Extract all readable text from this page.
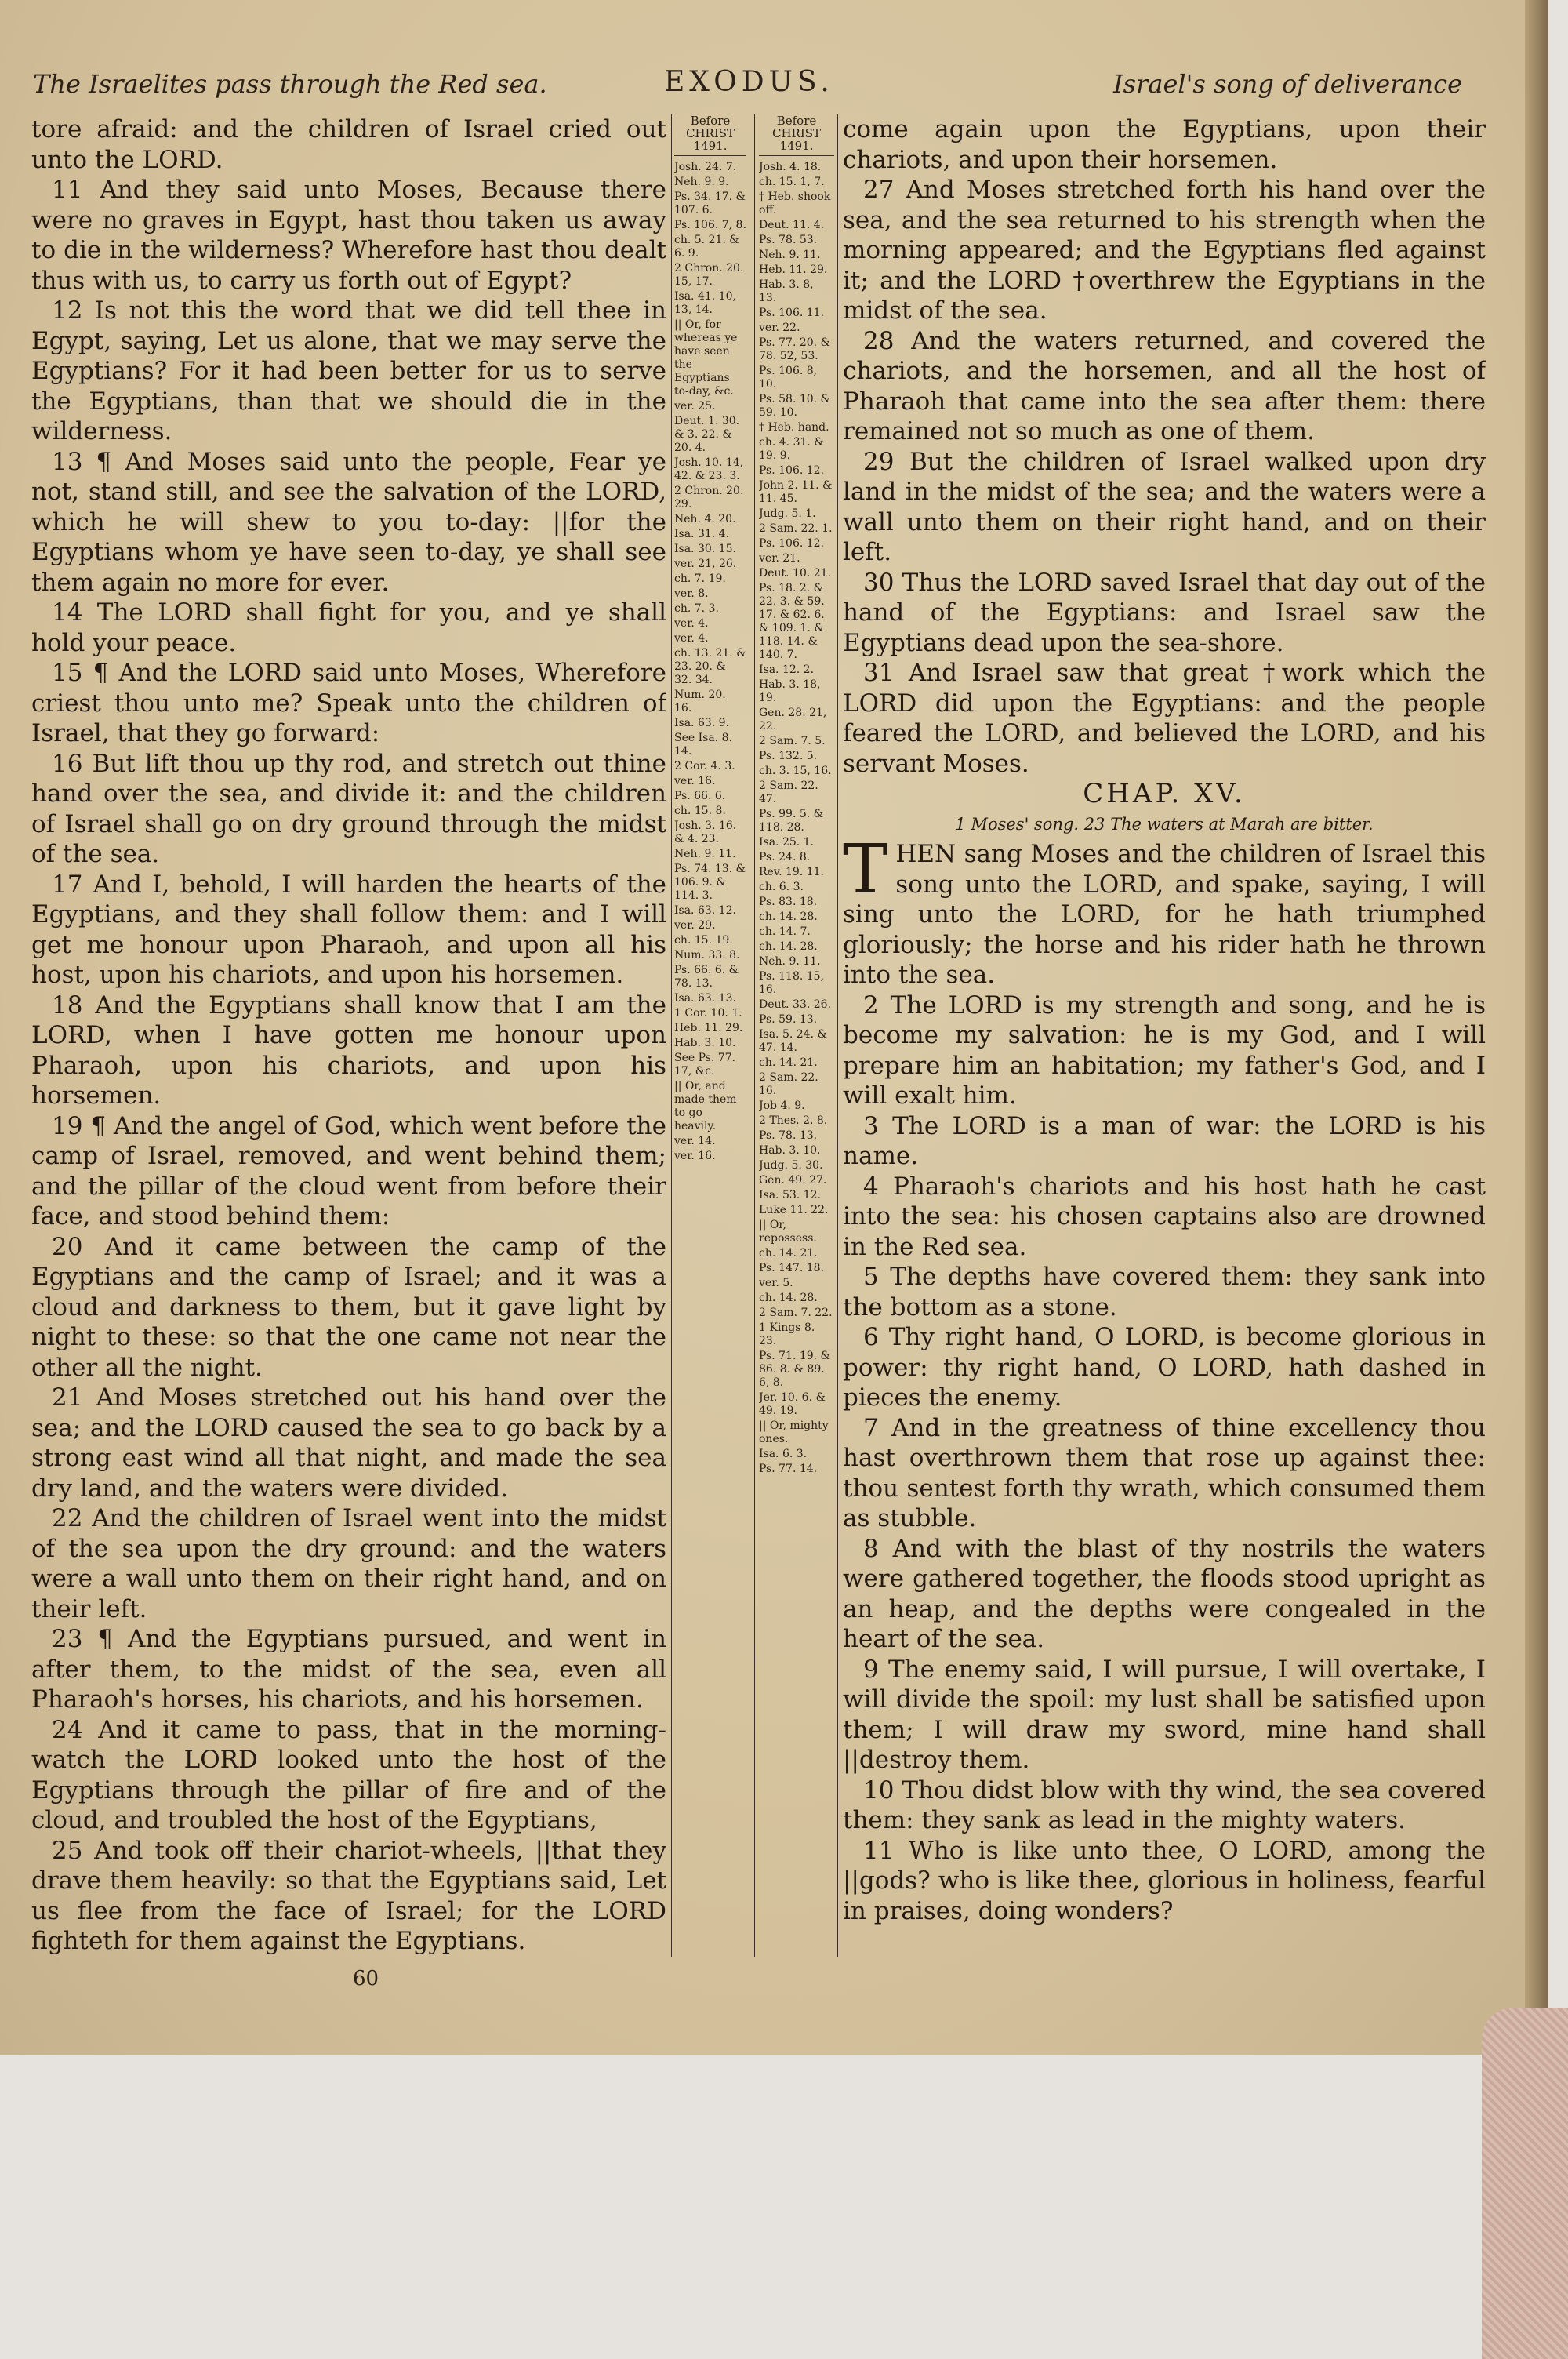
The Israelites pass through the Red sea.	EXODUS.	Israel's song of deliverance

tore afraid: and the children of Israel cried out unto the LORD.

11 And they said unto Moses, Because there were no graves in Egypt, hast thou taken us away to die in the wilderness? Wherefore hast thou dealt thus with us, to carry us forth out of Egypt?

12 Is not this the word that we did tell thee in Egypt, saying, Let us alone, that we may serve the Egyptians? For it had been better for us to serve the Egyptians, than that we should die in the wilderness.

13 ¶ And Moses said unto the people, Fear ye not, stand still, and see the salvation of the LORD, which he will shew to you to-day: ||for the Egyptians whom ye have seen to-day, ye shall see them again no more for ever.

14 The LORD shall fight for you, and ye shall hold your peace.

15 ¶ And the LORD said unto Moses, Wherefore criest thou unto me? Speak unto the children of Israel, that they go forward:

16 But lift thou up thy rod, and stretch out thine hand over the sea, and divide it: and the children of Israel shall go on dry ground through the midst of the sea.

17 And I, behold, I will harden the hearts of the Egyptians, and they shall follow them: and I will get me honour upon Pharaoh, and upon all his host, upon his chariots, and upon his horsemen.

18 And the Egyptians shall know that I am the LORD, when I have gotten me honour upon Pharaoh, upon his chariots, and upon his horsemen.

19 ¶ And the angel of God, which went before the camp of Israel, removed, and went behind them; and the pillar of the cloud went from before their face, and stood behind them:

20 And it came between the camp of the Egyptians and the camp of Israel; and it was a cloud and darkness to them, but it gave light by night to these: so that the one came not near the other all the night.

21 And Moses stretched out his hand over the sea; and the LORD caused the sea to go back by a strong east wind all that night, and made the sea dry land, and the waters were divided.

22 And the children of Israel went into the midst of the sea upon the dry ground: and the waters were a wall unto them on their right hand, and on their left.

23 ¶ And the Egyptians pursued, and went in after them, to the midst of the sea, even all Pharaoh's horses, his chariots, and his horsemen.

24 And it came to pass, that in the morning-watch the LORD looked unto the host of the Egyptians through the pillar of fire and of the cloud, and troubled the host of the Egyptians,

25 And took off their chariot-wheels, ||that they drave them heavily: so that the Egyptians said, Let us flee from the face of Israel; for the LORD fighteth for them against the Egyptians.

Before CHRIST 1491.
Josh. 24. 7.
Neh. 9. 9.
Ps. 34. 17. & 107. 6.
Ps. 106. 7, 8.
ch. 5. 21. & 6. 9.
2 Chron. 20. 15, 17.
Isa. 41. 10, 13, 14.
|| Or, for whereas ye have seen the Egyptians to-day, &c.
ver. 25.
Deut. 1. 30. & 3. 22. & 20. 4.
Josh. 10. 14, 42. & 23. 3.
2 Chron. 20. 29.
Neh. 4. 20.
Isa. 31. 4.
Isa. 30. 15.
ver. 21, 26.
ch. 7. 19.
ver. 8.
ch. 7. 3.
ver. 4.
ver. 4.
ch. 13. 21. & 23. 20. & 32. 34.
Num. 20. 16.
Isa. 63. 9.
See Isa. 8. 14.
2 Cor. 4. 3.
ver. 16.
Ps. 66. 6.
ch. 15. 8.
Josh. 3. 16. & 4. 23.
Neh. 9. 11.
Ps. 74. 13. & 106. 9. & 114. 3.
Isa. 63. 12.
ver. 29.
ch. 15. 19.
Num. 33. 8.
Ps. 66. 6. & 78. 13.
Isa. 63. 13.
1 Cor. 10. 1.
Heb. 11. 29.
Hab. 3. 10.
See Ps. 77. 17, &c.
|| Or, and made them to go heavily.
ver. 14.
ver. 16.
Before CHRIST 1491.
Josh. 4. 18.
ch. 15. 1, 7.
† Heb. shook off.
Deut. 11. 4.
Ps. 78. 53.
Neh. 9. 11.
Heb. 11. 29.
Hab. 3. 8, 13.
Ps. 106. 11.
ver. 22.
Ps. 77. 20. & 78. 52, 53.
Ps. 106. 8, 10.
Ps. 58. 10. & 59. 10.
† Heb. hand.
ch. 4. 31. & 19. 9.
Ps. 106. 12.
John 2. 11. & 11. 45.
Judg. 5. 1.
2 Sam. 22. 1.
Ps. 106. 12.
ver. 21.
Deut. 10. 21.
Ps. 18. 2. & 22. 3. & 59. 17. & 62. 6. & 109. 1. & 118. 14. & 140. 7.
Isa. 12. 2.
Hab. 3. 18, 19.
Gen. 28. 21, 22.
2 Sam. 7. 5.
Ps. 132. 5.
ch. 3. 15, 16.
2 Sam. 22. 47.
Ps. 99. 5. & 118. 28.
Isa. 25. 1.
Ps. 24. 8.
Rev. 19. 11.
ch. 6. 3.
Ps. 83. 18.
ch. 14. 28.
ch. 14. 7.
ch. 14. 28.
Neh. 9. 11.
Ps. 118. 15, 16.
Deut. 33. 26.
Ps. 59. 13.
Isa. 5. 24. & 47. 14.
ch. 14. 21.
2 Sam. 22. 16.
Job 4. 9.
2 Thes. 2. 8.
Ps. 78. 13.
Hab. 3. 10.
Judg. 5. 30.
Gen. 49. 27.
Isa. 53. 12.
Luke 11. 22.
|| Or, repossess.
ch. 14. 21.
Ps. 147. 18.
ver. 5.
ch. 14. 28.
2 Sam. 7. 22.
1 Kings 8. 23.
Ps. 71. 19. & 86. 8. & 89. 6, 8.
Jer. 10. 6. & 49. 19.
|| Or, mighty ones.
Isa. 6. 3.
Ps. 77. 14.

come again upon the Egyptians, upon their chariots, and upon their horsemen.

27 And Moses stretched forth his hand over the sea, and the sea returned to his strength when the morning appeared; and the Egyptians fled against it; and the LORD †overthrew the Egyptians in the midst of the sea.

28 And the waters returned, and covered the chariots, and the horsemen, and all the host of Pharaoh that came into the sea after them: there remained not so much as one of them.

29 But the children of Israel walked upon dry land in the midst of the sea; and the waters were a wall unto them on their right hand, and on their left.

30 Thus the LORD saved Israel that day out of the hand of the Egyptians: and Israel saw the Egyptians dead upon the sea-shore.

31 And Israel saw that great †work which the LORD did upon the Egyptians: and the people feared the LORD, and believed the LORD, and his servant Moses.

CHAP. XV.

1 Moses' song. 23 The waters at Marah are bitter.

THEN sang Moses and the children of Israel this song unto the LORD, and spake, saying, I will sing unto the LORD, for he hath triumphed gloriously; the horse and his rider hath he thrown into the sea.

2 The LORD is my strength and song, and he is become my salvation: he is my God, and I will prepare him an habitation; my father's God, and I will exalt him.

3 The LORD is a man of war: the LORD is his name.

4 Pharaoh's chariots and his host hath he cast into the sea: his chosen captains also are drowned in the Red sea.

5 The depths have covered them: they sank into the bottom as a stone.

6 Thy right hand, O LORD, is become glorious in power: thy right hand, O LORD, hath dashed in pieces the enemy.

7 And in the greatness of thine excellency thou hast overthrown them that rose up against thee: thou sentest forth thy wrath, which consumed them as stubble.

8 And with the blast of thy nostrils the waters were gathered together, the floods stood upright as an heap, and the depths were congealed in the heart of the sea.

9 The enemy said, I will pursue, I will overtake, I will divide the spoil: my lust shall be satisfied upon them; I will draw my sword, mine hand shall ||destroy them.

10 Thou didst blow with thy wind, the sea covered them: they sank as lead in the mighty waters.

11 Who is like unto thee, O LORD, among the ||gods? who is like thee, glorious in holiness, fearful in praises, doing wonders?

60
